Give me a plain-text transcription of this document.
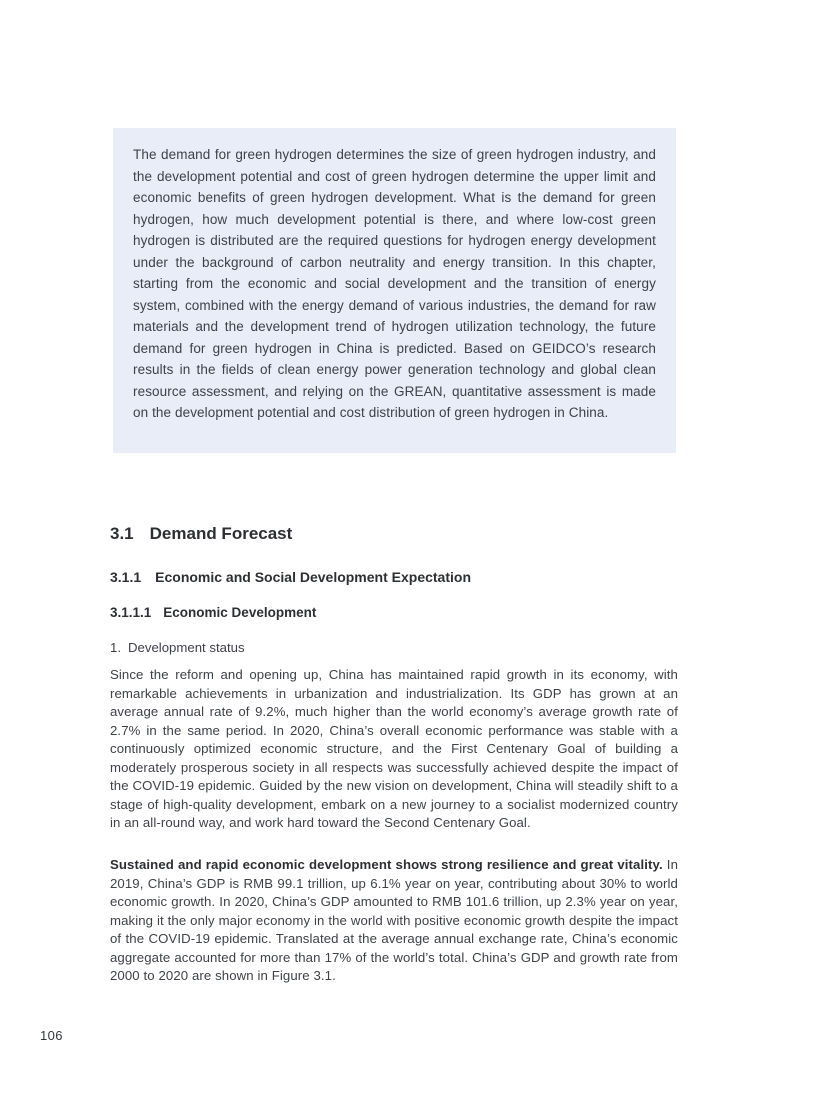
The demand for green hydrogen determines the size of green hydrogen industry, and the development potential and cost of green hydrogen determine the upper limit and economic benefits of green hydrogen development. What is the demand for green hydrogen, how much development potential is there, and where low-cost green hydrogen is distributed are the required questions for hydrogen energy development under the background of carbon neutrality and energy transition. In this chapter, starting from the economic and social development and the transition of energy system, combined with the energy demand of various industries, the demand for raw materials and the development trend of hydrogen utilization technology, the future demand for green hydrogen in China is predicted. Based on GEIDCO’s research results in the fields of clean energy power generation technology and global clean resource assessment, and relying on the GREAN, quantitative assessment is made on the development potential and cost distribution of green hydrogen in China.

3.1 Demand Forecast
3.1.1 Economic and Social Development Expectation
3.1.1.1 Economic Development
1. Development status

Since the reform and opening up, China has maintained rapid growth in its economy, with remarkable achievements in urbanization and industrialization. Its GDP has grown at an average annual rate of 9.2%, much higher than the world economy’s average growth rate of 2.7% in the same period. In 2020, China’s overall economic performance was stable with a continuously optimized economic structure, and the First Centenary Goal of building a moderately prosperous society in all respects was successfully achieved despite the impact of the COVID-19 epidemic. Guided by the new vision on development, China will steadily shift to a stage of high-quality development, embark on a new journey to a socialist modernized country in an all-round way, and work hard toward the Second Centenary Goal.

Sustained and rapid economic development shows strong resilience and great vitality. In 2019, China’s GDP is RMB 99.1 trillion, up 6.1% year on year, contributing about 30% to world economic growth. In 2020, China’s GDP amounted to RMB 101.6 trillion, up 2.3% year on year, making it the only major economy in the world with positive economic growth despite the impact of the COVID-19 epidemic. Translated at the average annual exchange rate, China’s economic aggregate accounted for more than 17% of the world’s total. China’s GDP and growth rate from 2000 to 2020 are shown in Figure 3.1.

106
